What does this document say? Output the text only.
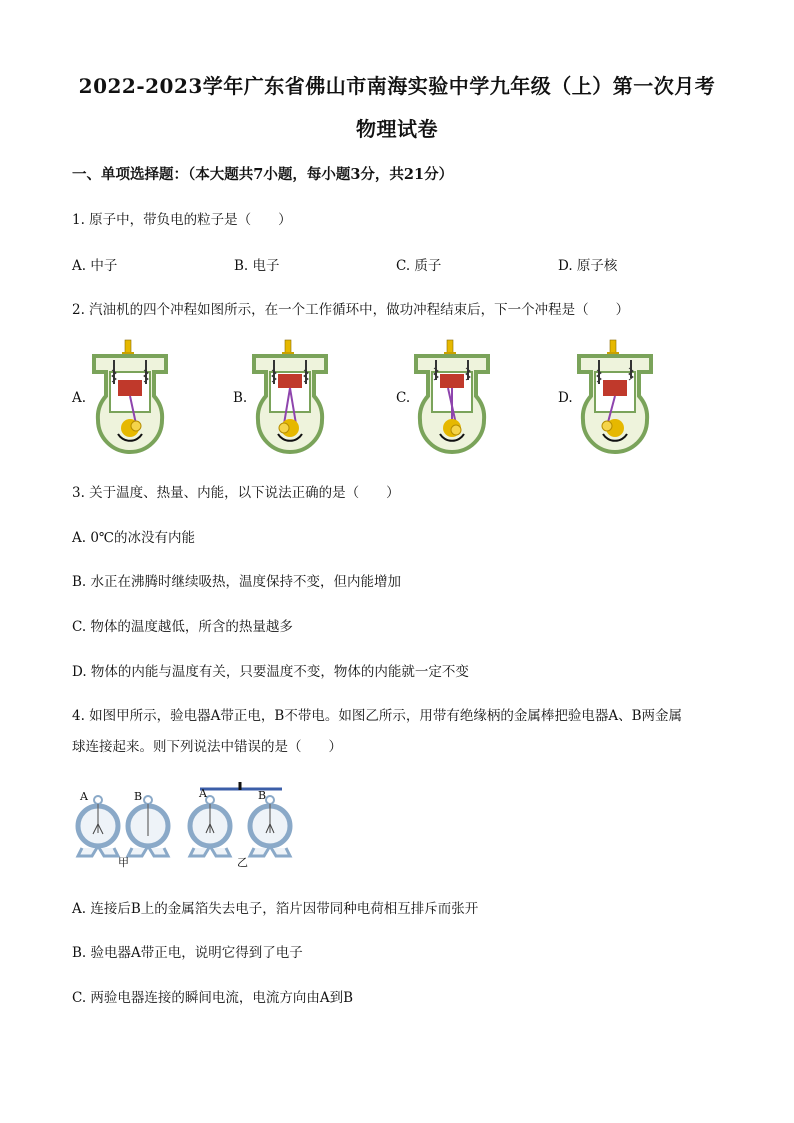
2022-2023学年广东省佛山市南海实验中学九年级（上）第一次月考
物理试卷
一、单项选择题：（本大题共7小题，每小题3分，共21分）
1. 原子中，带负电的粒子是（　　）
A. 中子	B. 电子	C. 质子	D. 原子核
2. 汽油机的四个冲程如图所示，在一个工作循环中，做功冲程结束后，下一个冲程是（　　）
A.	B.	C.	D.
3. 关于温度、热量、内能，以下说法正确的是（　　）
A. 0℃的冰没有内能
B. 水正在沸腾时继续吸热，温度保持不变，但内能增加
C. 物体的温度越低，所含的热量越多
D. 物体的内能与温度有关，只要温度不变，物体的内能就一定不变
4. 如图甲所示，验电器A带正电，B不带电。如图乙所示，用带有绝缘柄的金属棒把验电器A、B两金属
球连接起来。则下列说法中错误的是（　　）
A	B	A	B
甲	乙
A. 连接后B上的金属箔失去电子，箔片因带同种电荷相互排斥而张开
B. 验电器A带正电，说明它得到了电子
C. 两验电器连接的瞬间电流，电流方向由A到B
